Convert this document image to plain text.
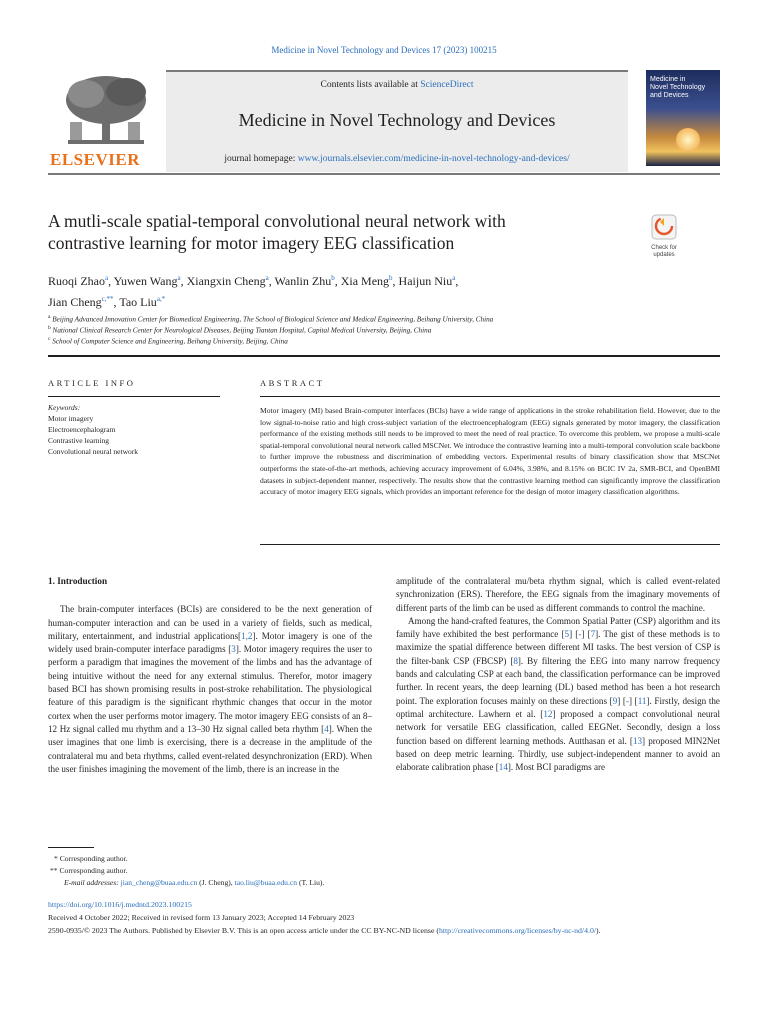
Medicine in Novel Technology and Devices 17 (2023) 100215
ELSEVIER
Contents lists available at ScienceDirect
Medicine in Novel Technology and Devices
journal homepage: www.journals.elsevier.com/medicine-in-novel-technology-and-devices/
Medicine in
Novel Technology
and Devices
A mutli-scale spatial-temporal convolutional neural network with
contrastive learning for motor imagery EEG classification	Check for
updates
Ruoqi Zhao$^a$, Yuwen Wang$^a$, Xiangxin Cheng$^a$, Wanlin Zhu$^b$, Xia Meng$^b$, Haijun Niu$^a$,
Jian Cheng$^{c,**}$, Tao Liu$^{a,*}$
$^a$ Beijing Advanced Innovation Center for Biomedical Engineering, The School of Biological Science and Medical Engineering, Beihang University, China
$^b$ National Clinical Research Center for Neurological Diseases, Beijing Tiantan Hospital, Capital Medical University, Beijing, China
$^c$ School of Computer Science and Engineering, Beihang University, Beijing, China
ARTICLE INFO	ABSTRACT
Keywords:
Motor imagery
Electroencephalogram
Contrastive learning
Convolutional neural network
Motor imagery (MI) based Brain-computer interfaces (BCIs) have a wide range of applications in the stroke rehabilitation field. However, due to the low signal-to-noise ratio and high cross-subject variation of the electroencephalogram (EEG) signals generated by motor imagery, the classification performance of the existing methods still needs to be improved to meet the need of real practice. To overcome this problem, we propose a multi-scale spatial-temporal convolutional neural network called MSCNet. We introduce the contrastive learning into a multi-temporal convolution scale backbone to further improve the robustness and discrimination of embedding vectors. Experimental results of binary classification show that MSCNet outperforms the state-of-the-art methods, achieving accuracy improvement of 6.04%, 3.98%, and 8.15% on BCIC IV 2a, SMR-BCI, and OpenBMI datasets in subject-dependent manner, respectively. The results show that the contrastive learning method can significantly improve the classification accuracy of motor imagery EEG signals, which provides an important reference for the design of motor imagery classification algorithms.

1. Introduction

The brain-computer interfaces (BCIs) are considered to be the next generation of human-computer interaction and can be used in a variety of fields, such as medical, military, entertainment, and industrial applications[1,2]. Motor imagery is one of the widely used brain-computer interface paradigms [3]. Motor imagery requires the user to perform a paradigm that imagines the movement of the limbs and has the advantage of being intuitive without the need for any external stimulus. Therefor, motor imagery based BCI has shown promising results in post-stroke rehabilitation. The physiological feature of this paradigm is the significant rhythmic changes that occur in the motor cortex when the user performs motor imagery. The motor imagery EEG consists of an 8–12 Hz signal called mu rhythm and a 13–30 Hz signal called beta rhythm [4]. When the user imagines that one limb is exercising, there is a decrease in the amplitude of the contralateral mu and beta rhythms, called event-related desynchronization (ERD). When the user finishes imagining the movement of the limb, there is an increase in the

amplitude of the contralateral mu/beta rhythm signal, which is called event-related synchronization (ERS). Therefore, the EEG signals from the imaginary movements of different parts of the limb can be used as different commands to control the machine.

Among the hand-crafted features, the Common Spatial Patter (CSP) algorithm and its family have exhibited the best performance [5] [-] [7]. The gist of these methods is to maximize the spatial difference between different MI tasks. The best version of CSP is the filter-bank CSP (FBCSP) [8]. By filtering the EEG into many narrow frequency bands and calculating CSP at each band, the classification performance can be improved further. In recent years, the deep learning (DL) based method has been a hot research point. The exploration focuses mainly on these directions [9] [-] [11]. Firstly, design the optimal architecture. Lawhern et al. [12] proposed a compact convolutional neural network for versatile EEG classification, called EEGNet. Secondly, design a loss function based on different learning methods. Autthasan et al. [13] proposed MIN2Net based on deep metric learning. Thirdly, use subject-independent manner to avoid an elaborate calibration phase [14]. Most BCI paradigms are

* Corresponding author.
** Corresponding author.
E-mail addresses: jian_cheng@buaa.edu.cn (J. Cheng), tao.liu@buaa.edu.cn (T. Liu).
https://doi.org/10.1016/j.medntd.2023.100215
Received 4 October 2022; Received in revised form 13 January 2023; Accepted 14 February 2023
2590-0935/© 2023 The Authors. Published by Elsevier B.V. This is an open access article under the CC BY-NC-ND license (http://creativecommons.org/licenses/by-nc-nd/4.0/).
